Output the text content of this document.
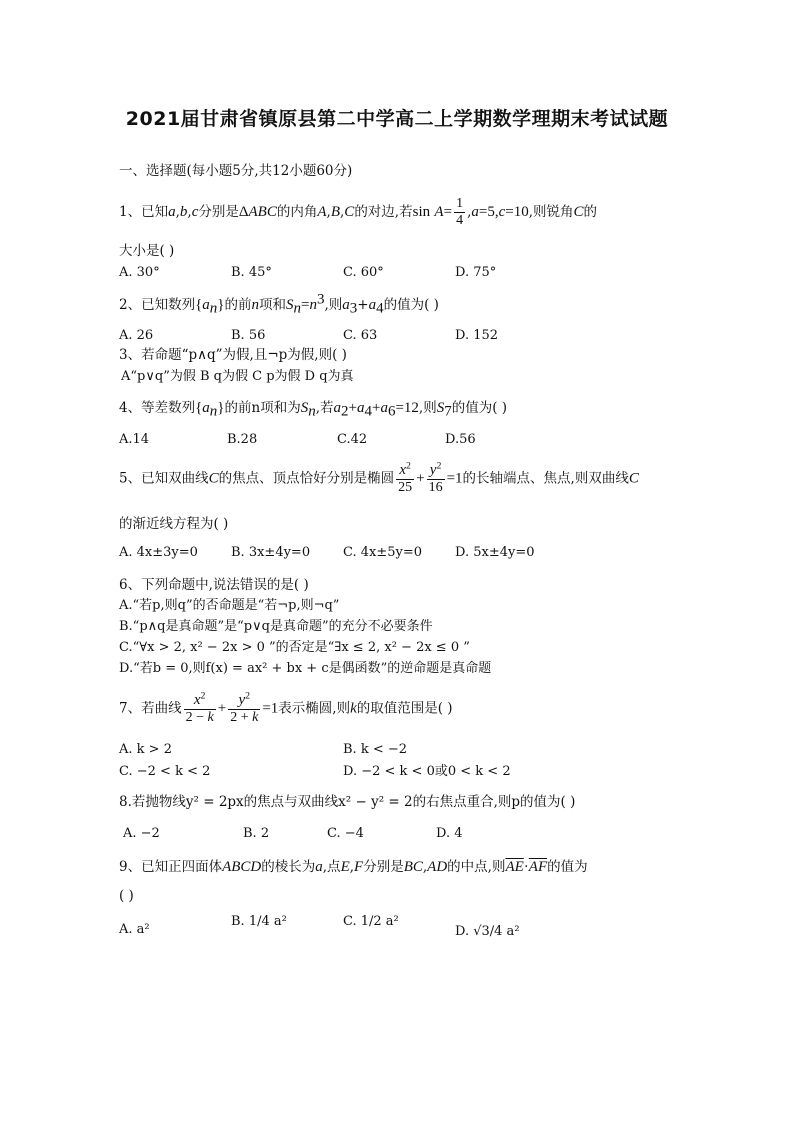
2021届甘肃省镇原县第二中学高二上学期数学理期末考试试题
一、选择题(每小题5分,共12小题60分)
1、已知a,b,c分别是ΔABC的内角A,B,C的对边,若$\sin A= \frac{1}{4} ,a=5,c=10$,则锐角C的
大小是( )
A. 30°	B. 45°	C. 60°	D. 75°
2、已知数列$\{a_n\}$的前n项和$S_n=n^3$,则$a_3+a_4$的值为( )
A. 26	B. 56	C. 63	D. 152
3、若命题“p∧q”为假,且¬p为假,则( )
A“p∨q”为假 B q为假 C p为假 D q为真
4、等差数列$\{a_n\}$的前n项和为$S_n$,若$a_2+a_4+a_6=12$,则$S_7$的值为( )
A.14	B.28	C.42	D.56
5、已知双曲线C的焦点、顶点恰好分别是椭圆 $\frac{x^2}{25} + \frac{y^2}{16} =1$的长轴端点、焦点,则双曲线C
的渐近线方程为( )
A. 4x±3y=0	B. 3x±4y=0	C. 4x±5y=0	D. 5x±4y=0
6、下列命题中,说法错误的是( )
A.“若p,则q”的否命题是“若¬p,则¬q”
B.“p∧q是真命题”是“p∨q是真命题”的充分不必要条件
C.“∀x > 2, x² − 2x > 0 ”的否定是“∃x ≤ 2, x² − 2x ≤ 0 ”
D.“若b = 0,则f(x) = ax² + bx + c是偶函数”的逆命题是真命题
7、若曲线 $\frac{x^2}{2 - k} + \frac{y^2}{2 + k} =1$表示椭圆,则k的取值范围是( )
A. k > 2	B. k < −2
C. −2 < k < 2	D. −2 < k < 0或0 < k < 2
8.若抛物线y² = 2px的焦点与双曲线x² − y² = 2的右焦点重合,则p的值为( )
A. −2	B. 2	C. −4	D. 4
9、已知正四面体ABCD的棱长为a,点E,F分别是BC,AD的中点,则$\overline{AE}\cdot\overline{AF}$的值为
( )
A. a²
B. 1/4 a²	C. 1/2 a²
D. √3/4 a²
